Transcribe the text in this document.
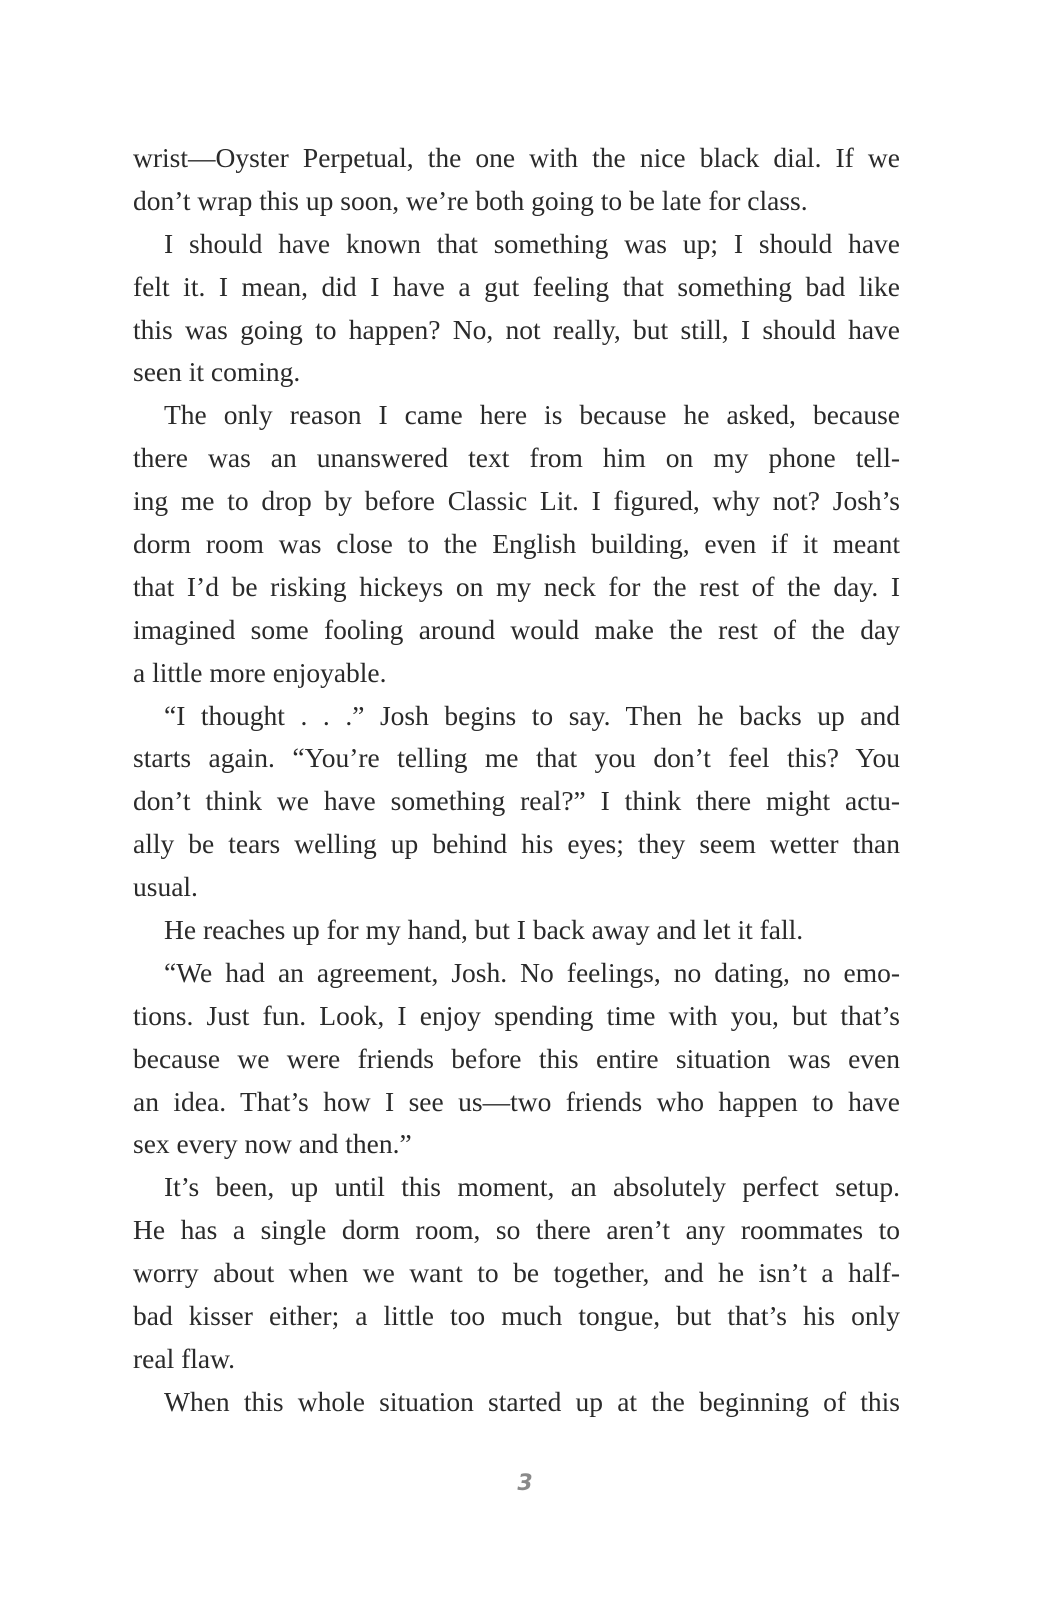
wrist—Oyster Perpetual, the one with the nice black dial. If we
don’t wrap this up soon, we’re both going to be late for class.
I should have known that something was up; I should have
felt it. I mean, did I have a gut feeling that something bad like
this was going to happen? No, not really, but still, I should have
seen it coming.
The only reason I came here is because he asked, because
there was an unanswered text from him on my phone tell-
ing me to drop by before Classic Lit. I figured, why not? Josh’s
dorm room was close to the English building, even if it meant
that I’d be risking hickeys on my neck for the rest of the day. I
imagined some fooling around would make the rest of the day
a little more enjoyable.
“I thought . . .” Josh begins to say. Then he backs up and
starts again. “You’re telling me that you don’t feel this? You
don’t think we have something real?” I think there might actu-
ally be tears welling up behind his eyes; they seem wetter than
usual.
He reaches up for my hand, but I back away and let it fall.
“We had an agreement, Josh. No feelings, no dating, no emo-
tions. Just fun. Look, I enjoy spending time with you, but that’s
because we were friends before this entire situation was even
an idea. That’s how I see us—two friends who happen to have
sex every now and then.”
It’s been, up until this moment, an absolutely perfect setup.
He has a single dorm room, so there aren’t any roommates to
worry about when we want to be together, and he isn’t a half-
bad kisser either; a little too much tongue, but that’s his only
real flaw.
When this whole situation started up at the beginning of this
3
